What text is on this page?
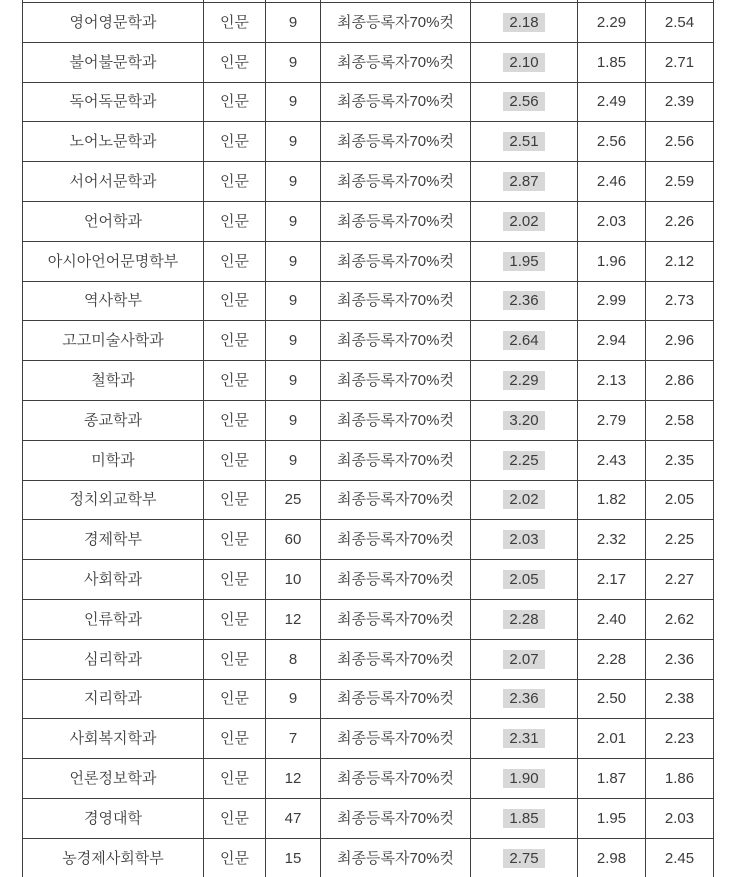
영어영문학과	인문	9	최종등록자70%컷	2.18	2.29	2.54
불어불문학과	인문	9	최종등록자70%컷	2.10	1.85	2.71
독어독문학과	인문	9	최종등록자70%컷	2.56	2.49	2.39
노어노문학과	인문	9	최종등록자70%컷	2.51	2.56	2.56
서어서문학과	인문	9	최종등록자70%컷	2.87	2.46	2.59
언어학과	인문	9	최종등록자70%컷	2.02	2.03	2.26
아시아언어문명학부	인문	9	최종등록자70%컷	1.95	1.96	2.12
역사학부	인문	9	최종등록자70%컷	2.36	2.99	2.73
고고미술사학과	인문	9	최종등록자70%컷	2.64	2.94	2.96
철학과	인문	9	최종등록자70%컷	2.29	2.13	2.86
종교학과	인문	9	최종등록자70%컷	3.20	2.79	2.58
미학과	인문	9	최종등록자70%컷	2.25	2.43	2.35
정치외교학부	인문	25	최종등록자70%컷	2.02	1.82	2.05
경제학부	인문	60	최종등록자70%컷	2.03	2.32	2.25
사회학과	인문	10	최종등록자70%컷	2.05	2.17	2.27
인류학과	인문	12	최종등록자70%컷	2.28	2.40	2.62
심리학과	인문	8	최종등록자70%컷	2.07	2.28	2.36
지리학과	인문	9	최종등록자70%컷	2.36	2.50	2.38
사회복지학과	인문	7	최종등록자70%컷	2.31	2.01	2.23
언론정보학과	인문	12	최종등록자70%컷	1.90	1.87	1.86
경영대학	인문	47	최종등록자70%컷	1.85	1.95	2.03
농경제사회학부	인문	15	최종등록자70%컷	2.75	2.98	2.45
